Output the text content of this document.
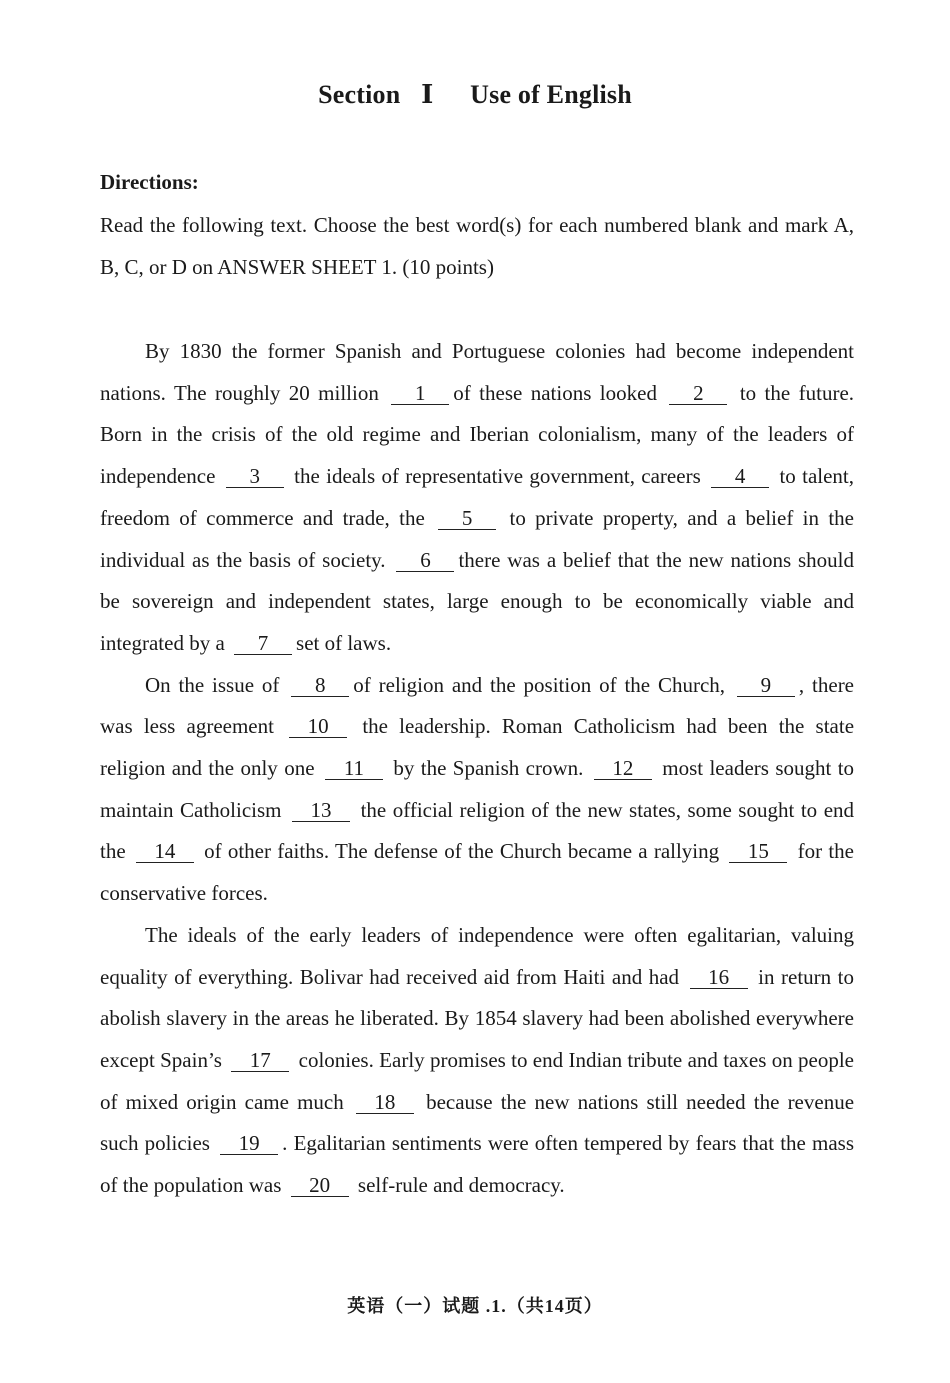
Section Ⅰ Use of English
Directions:
Read the following text. Choose the best word(s) for each numbered blank and mark A, B, C, or D on ANSWER SHEET 1. (10 points)

By 1830 the former Spanish and Portuguese colonies had become independent nations. The roughly 20 million 1 of these nations looked 2 to the future. Born in the crisis of the old regime and Iberian colonialism, many of the leaders of independence 3 the ideals of representative government, careers 4 to talent, freedom of commerce and trade, the 5 to private property, and a belief in the individual as the basis of society. 6 there was a belief that the new nations should be sovereign and independent states, large enough to be economically viable and integrated by a 7 set of laws.

On the issue of 8 of religion and the position of the Church, 9 , there was less agreement 10 the leadership. Roman Catholicism had been the state religion and the only one 11 by the Spanish crown. 12 most leaders sought to maintain Catholicism 13 the official religion of the new states, some sought to end the 14 of other faiths. The defense of the Church became a rallying 15 for the conservative forces.

The ideals of the early leaders of independence were often egalitarian, valuing equality of everything. Bolivar had received aid from Haiti and had 16 in return to abolish slavery in the areas he liberated. By 1854 slavery had been abolished everywhere except Spain’s 17 colonies. Early promises to end Indian tribute and taxes on people of mixed origin came much 18 because the new nations still needed the revenue such policies 19 . Egalitarian sentiments were often tempered by fears that the mass of the population was 20 self-rule and democracy.

英语（一）试题 .1.（共14页）
